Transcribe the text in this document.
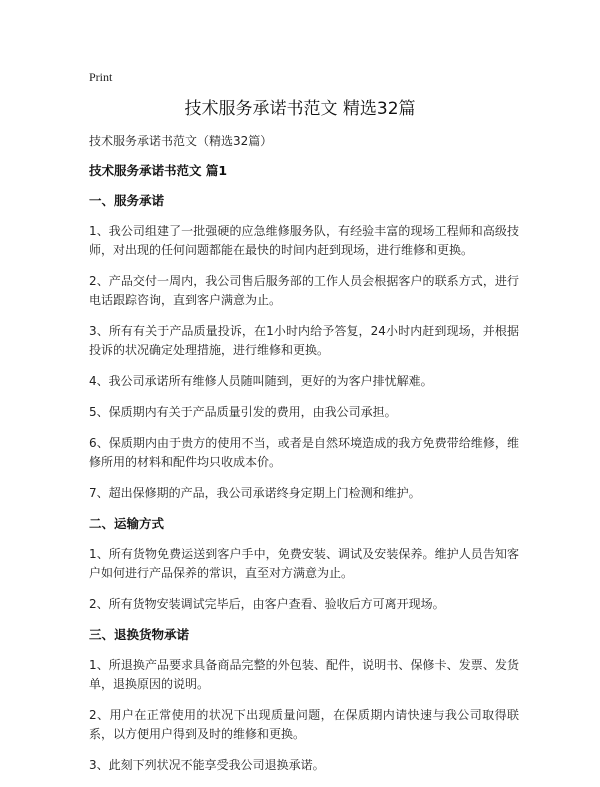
Print
技术服务承诺书范文 精选32篇

技术服务承诺书范文（精选32篇）

技术服务承诺书范文 篇1

一、服务承诺

1、我公司组建了一批强硬的应急维修服务队，有经验丰富的现场工程师和高级技师，对出现的任何问题都能在最快的时间内赶到现场，进行维修和更换。

2、产品交付一周内，我公司售后服务部的工作人员会根据客户的联系方式，进行电话跟踪咨询，直到客户满意为止。

3、所有有关于产品质量投诉，在1小时内给予答复，24小时内赶到现场，并根据投诉的状况确定处理措施，进行维修和更换。

4、我公司承诺所有维修人员随叫随到，更好的为客户排忧解难。

5、保质期内有关于产品质量引发的费用，由我公司承担。

6、保质期内由于贵方的使用不当，或者是自然环境造成的我方免费带给维修，维修所用的材料和配件均只收成本价。

7、超出保修期的产品，我公司承诺终身定期上门检测和维护。

二、运输方式

1、所有货物免费运送到客户手中，免费安装、调试及安装保养。维护人员告知客户如何进行产品保养的常识，直至对方满意为止。

2、所有货物安装调试完毕后，由客户查看、验收后方可离开现场。

三、退换货物承诺

1、所退换产品要求具备商品完整的外包装、配件，说明书、保修卡、发票、发货单，退换原因的说明。

2、用户在正常使用的状况下出现质量问题，在保质期内请快速与我公司取得联系，以方便用户得到及时的维修和更换。

3、此刻下列状况不能享受我公司退换承诺。
